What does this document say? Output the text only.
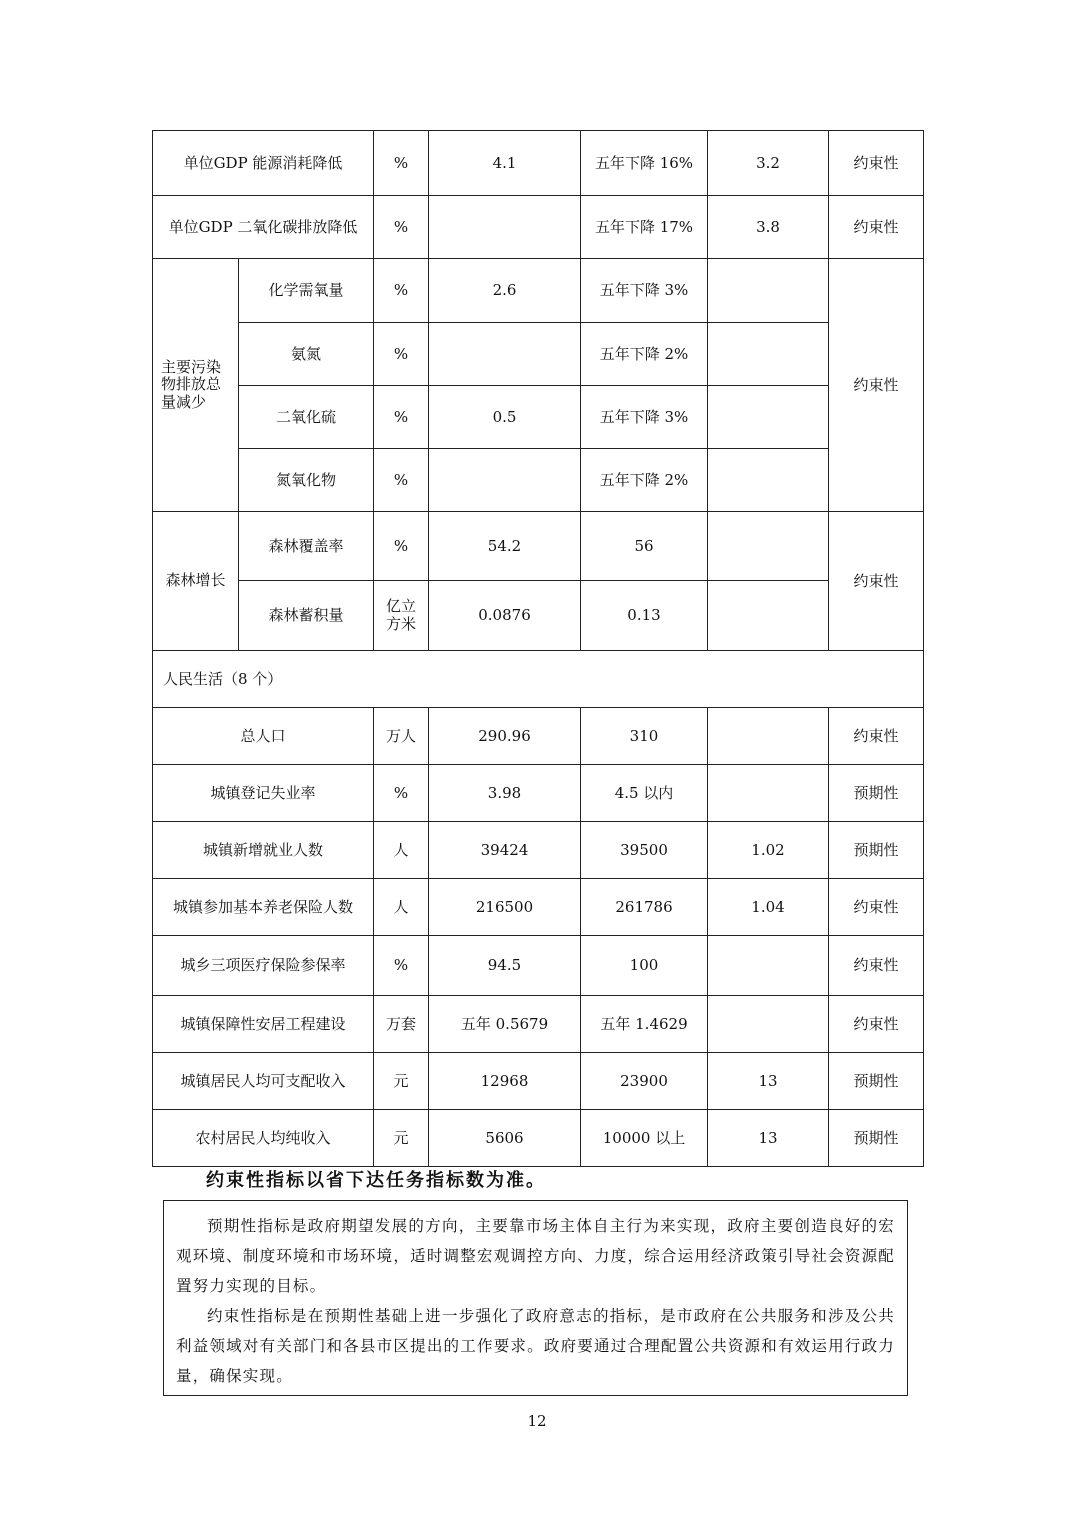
单位GDP 能源消耗降低		%	4.1	五年下降 16%	3.2	约束性
单位GDP 二氧化碳排放降低		%		五年下降 17%	3.8	约束性
主要污染物排放总量减少	化学需氧量	%	2.6	五年下降 3%		约束性
	氨氮	%		五年下降 2%		
	二氧化硫	%	0.5	五年下降 3%		
	氮氧化物	%		五年下降 2%		
森林增长	森林覆盖率	%	54.2	56		约束性
	森林蓄积量	亿立方米	0.0876	0.13		
人民生活（8 个）						
总人口		万人	290.96	310		约束性
城镇登记失业率		%	3.98	4.5 以内		预期性
城镇新增就业人数		人	39424	39500	1.02	预期性
城镇参加基本养老保险人数		人	216500	261786	1.04	约束性
城乡三项医疗保险参保率		%	94.5	100		约束性
城镇保障性安居工程建设		万套	五年 0.5679	五年 1.4629		约束性
城镇居民人均可支配收入		元	12968	23900	13	预期性
农村居民人均纯收入		元	5606	10000 以上	13	预期性
约束性指标以省下达任务指标数为准。

预期性指标是政府期望发展的方向，主要靠市场主体自主行为来实现，政府主要创造良好的宏观环境、制度环境和市场环境，适时调整宏观调控方向、力度，综合运用经济政策引导社会资源配置努力实现的目标。

约束性指标是在预期性基础上进一步强化了政府意志的指标，是市政府在公共服务和涉及公共利益领域对有关部门和各县市区提出的工作要求。政府要通过合理配置公共资源和有效运用行政力量，确保实现。

12
